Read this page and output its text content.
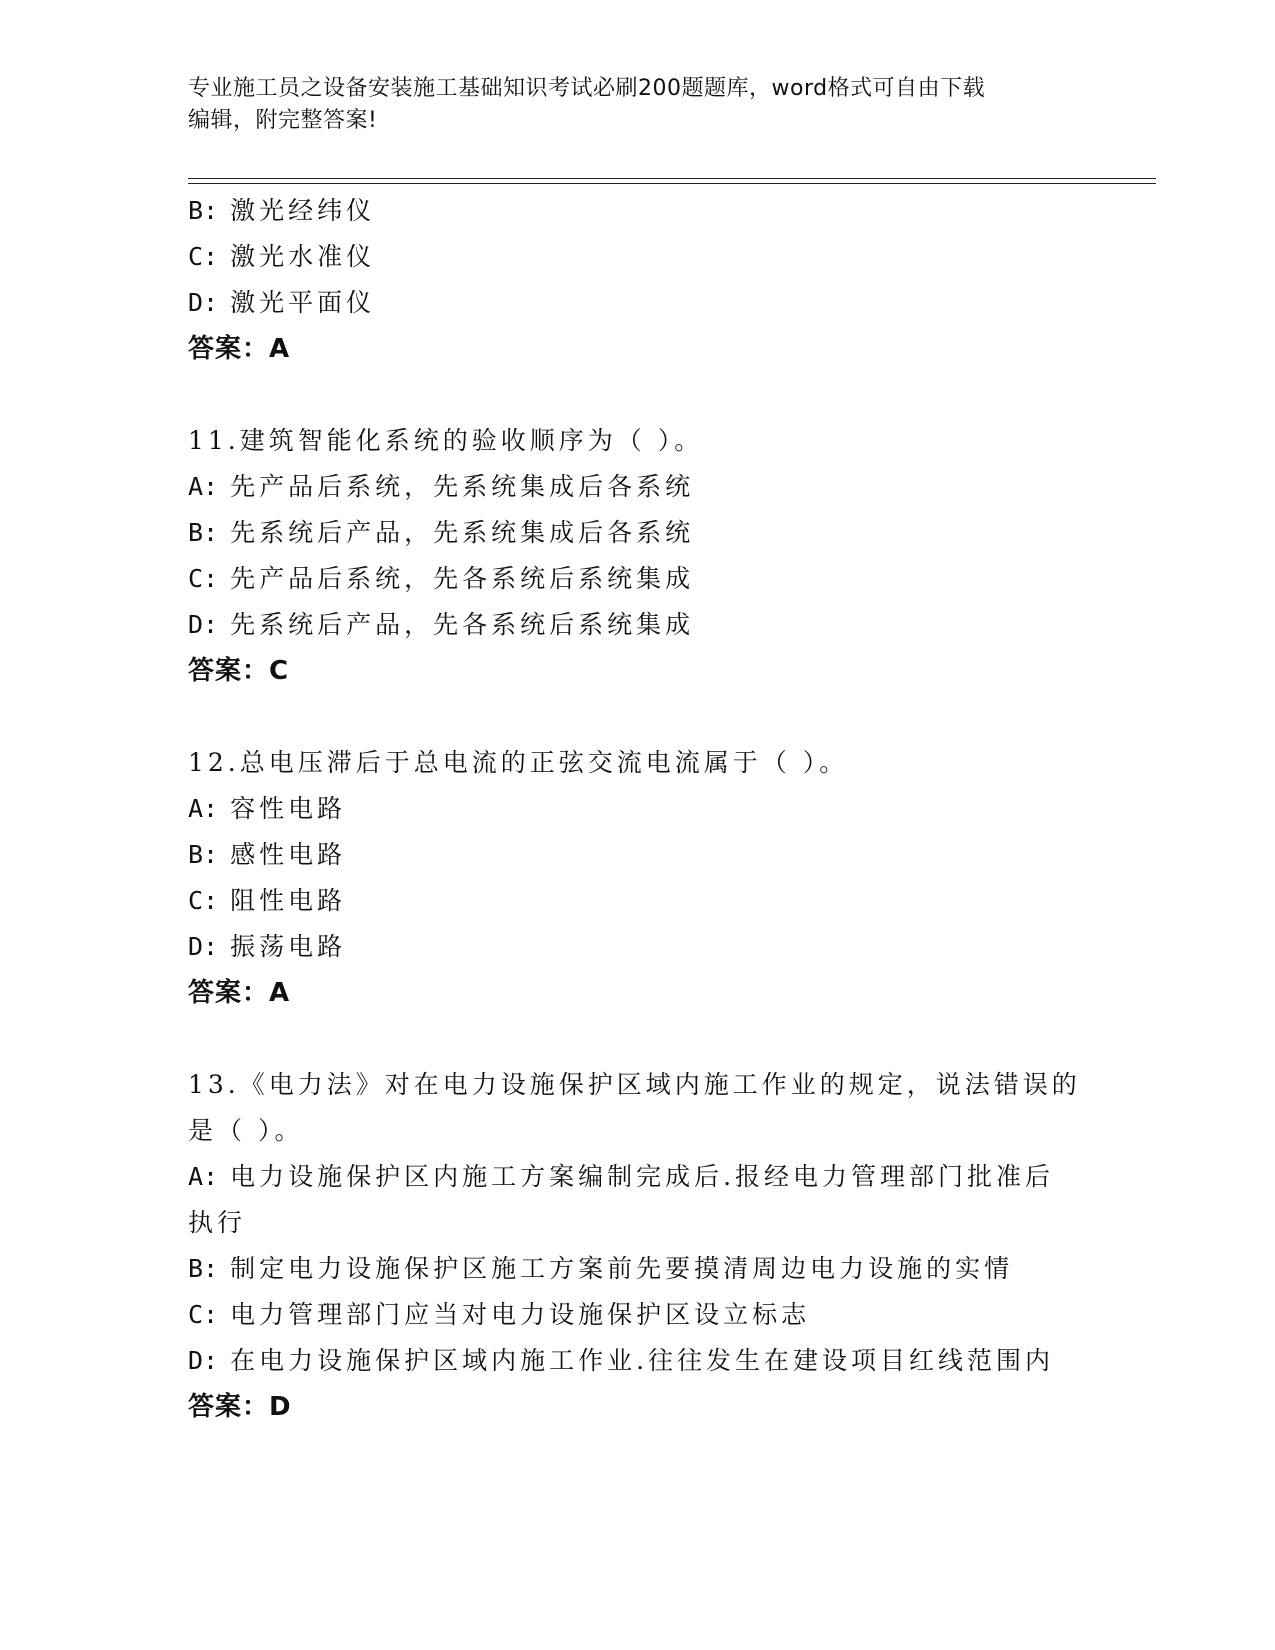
专业施工员之设备安装施工基础知识考试必刷200题题库，word格式可自由下载
编辑，附完整答案!
B: 激光经纬仪
C: 激光水准仪
D: 激光平面仪
答案：A
11.建筑智能化系统的验收顺序为（ ）。
A: 先产品后系统，先系统集成后各系统
B: 先系统后产品，先系统集成后各系统
C: 先产品后系统，先各系统后系统集成
D: 先系统后产品，先各系统后系统集成
答案：C
12.总电压滞后于总电流的正弦交流电流属于（ ）。
A: 容性电路
B: 感性电路
C: 阻性电路
D: 振荡电路
答案：A
13.《电力法》对在电力设施保护区域内施工作业的规定，说法错误的
是（ ）。
A: 电力设施保护区内施工方案编制完成后.报经电力管理部门批准后
执行
B: 制定电力设施保护区施工方案前先要摸清周边电力设施的实情
C: 电力管理部门应当对电力设施保护区设立标志
D: 在电力设施保护区域内施工作业.往往发生在建设项目红线范围内
答案：D
